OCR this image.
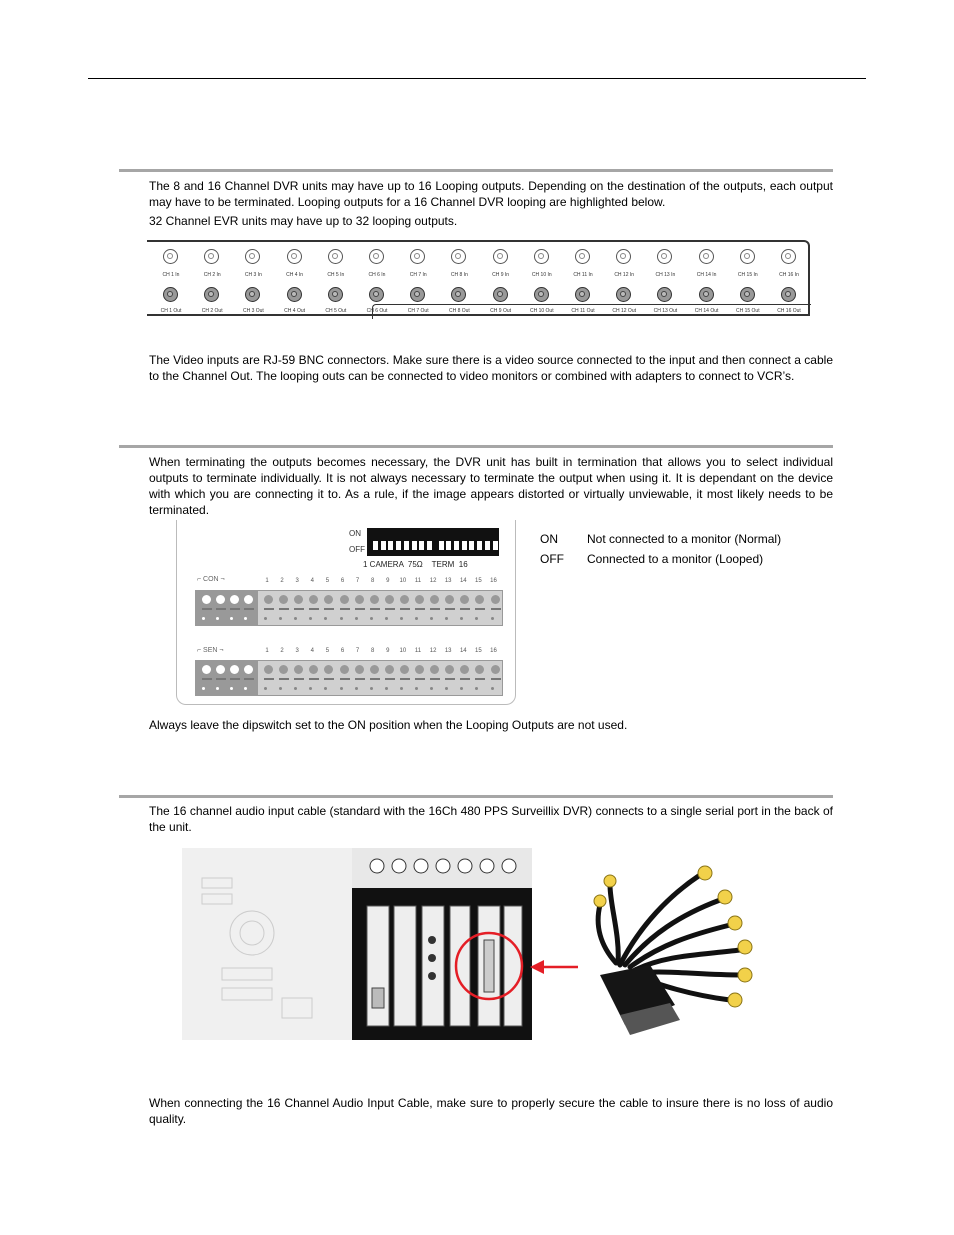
The 8 and 16 Channel DVR units may have up to 16 Looping outputs. Depending on the destination of the outputs, each output may have to be terminated. Looping outputs for a 16 Channel DVR looping are highlighted below.
32 Channel EVR units may have up to 32 looping outputs.
CH 1 In	CH 2 In	CH 3 In	CH 4 In	CH 5 In	CH 6 In	CH 7 In	CH 8 In	CH 9 In	CH 10 In	CH 11 In	CH 12 In	CH 13 In	CH 14 In	CH 15 In	CH 16 In
CH 1 Out	CH 2 Out	CH 3 Out	CH 4 Out	CH 5 Out	CH 6 Out	CH 7 Out	CH 8 Out	CH 9 Out	CH 10 Out	CH 11 Out	CH 12 Out	CH 13 Out	CH 14 Out	CH 15 Out	CH 16 Out
The Video inputs are RJ-59 BNC connectors. Make sure there is a video source connected to the input and then connect a cable to the Channel Out. The looping outs can be connected to video monitors or combined with adapters to connect to VCR’s.
When terminating the outputs becomes necessary, the DVR unit has built in termination that allows you to select individual outputs to terminate individually. It is not always necessary to terminate the output when using it. It is dependant on the device with which you are connecting it to. As a rule, if the image appears distorted or virtually unviewable, it most likely needs to be terminated.
ON
OFF
1 CAMERA  75Ω    TERM  16
⌐ CON ¬
⌐ SEN ¬
1	2	3	4	5	6	7	8	9	10	11	12	13	14	15	16
1	2	3	4	5	6	7	8	9	10	11	12	13	14	15	16
ON Not connected to a monitor (Normal)
OFF Connected to a monitor (Looped)
Always leave the dipswitch set to the ON position when the Looping Outputs are not used.
The 16 channel audio input cable (standard with the 16Ch 480 PPS Surveillix DVR) connects to a single serial port in the back of the unit.
When connecting the 16 Channel Audio Input Cable, make sure to properly secure the cable to insure there is no loss of audio quality.
